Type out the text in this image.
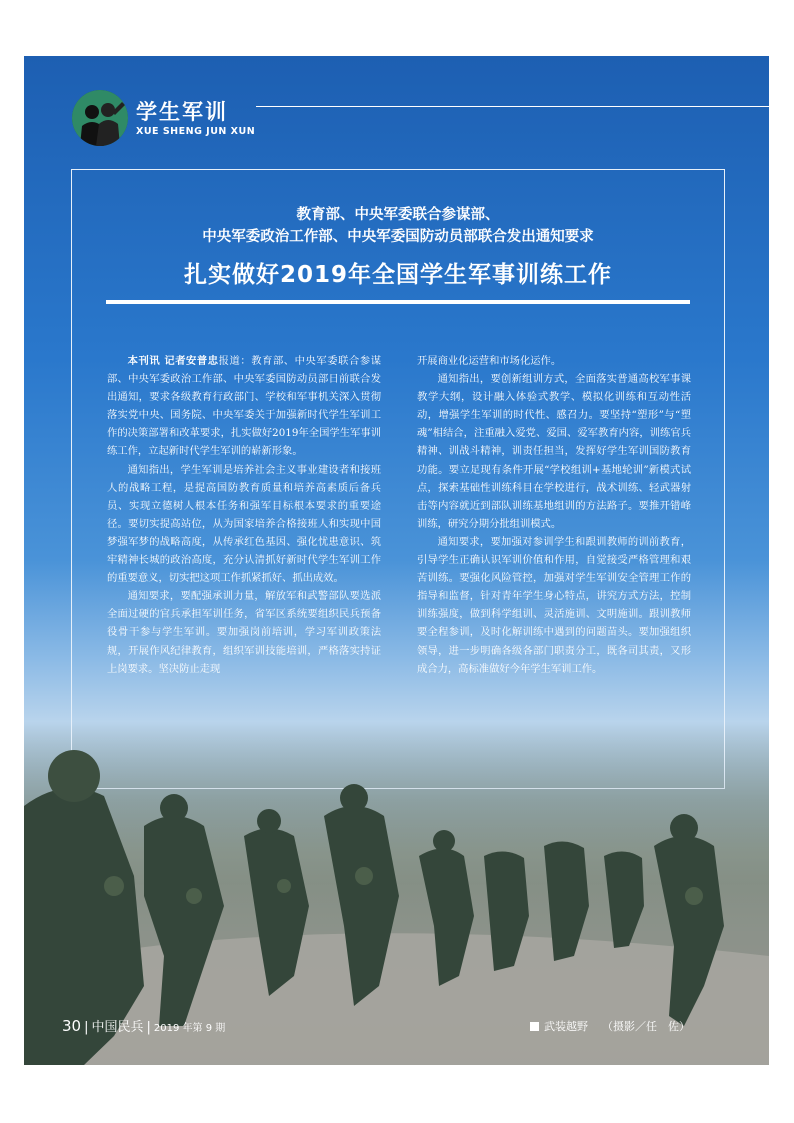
学生军训
XUE SHENG JUN XUN
教育部、中央军委联合参谋部、
中央军委政治工作部、中央军委国防动员部联合发出通知要求
扎实做好2019年全国学生军事训练工作

本刊讯 记者安普忠报道：教育部、中央军委联合参谋部、中央军委政治工作部、中央军委国防动员部日前联合发出通知，要求各级教育行政部门、学校和军事机关深入贯彻落实党中央、国务院、中央军委关于加强新时代学生军训工作的决策部署和改革要求，扎实做好2019年全国学生军事训练工作，立起新时代学生军训的崭新形象。

通知指出，学生军训是培养社会主义事业建设者和接班人的战略工程，是提高国防教育质量和培养高素质后备兵员、实现立德树人根本任务和强军目标根本要求的重要途径。要切实提高站位，从为国家培养合格接班人和实现中国梦强军梦的战略高度，从传承红色基因、强化忧患意识、筑牢精神长城的政治高度，充分认清抓好新时代学生军训工作的重要意义，切实把这项工作抓紧抓好、抓出成效。

通知要求，要配强承训力量，解放军和武警部队要选派全面过硬的官兵承担军训任务，省军区系统要组织民兵预备役骨干参与学生军训。要加强岗前培训，学习军训政策法规，开展作风纪律教育，组织军训技能培训，严格落实持证上岗要求。坚决防止走现

开展商业化运营和市场化运作。

通知指出，要创新组训方式，全面落实普通高校军事课教学大纲，设计融入体验式教学、模拟化训练和互动性活动，增强学生军训的时代性、感召力。要坚持“塑形”与“塑魂”相结合，注重融入爱党、爱国、爱军教育内容，训练官兵精神、训战斗精神，训责任担当，发挥好学生军训国防教育功能。要立足现有条件开展“学校组训+基地轮训”新模式试点，探索基础性训练科目在学校进行，战术训练、轻武器射击等内容就近到部队训练基地组训的方法路子。要推开错峰训练，研究分期分批组训模式。

通知要求，要加强对参训学生和跟训教师的训前教育，引导学生正确认识军训价值和作用，自觉接受严格管理和艰苦训练。要强化风险管控，加强对学生军训安全管理工作的指导和监督，针对青年学生身心特点，讲究方式方法，控制训练强度，做到科学组训、灵活施训、文明施训。跟训教师要全程参训，及时化解训练中遇到的问题苗头。要加强组织领导，进一步明确各级各部门职责分工，既各司其责，又形成合力，高标准做好今年学生军训工作。

武装越野 （摄影／任　佐）
30 | 中国民兵 | 2019 年第 9 期
